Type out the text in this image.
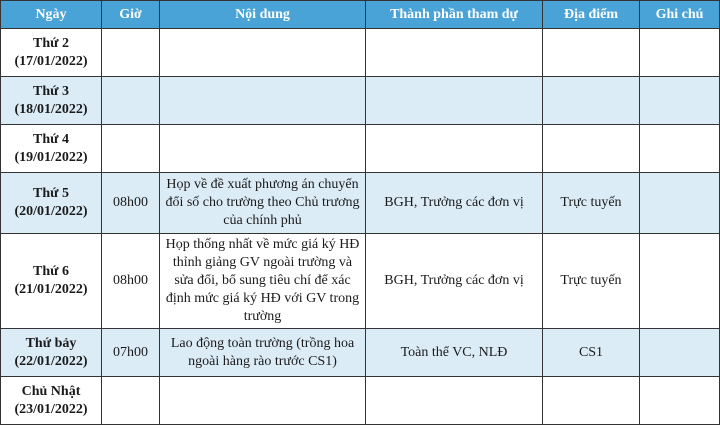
Ngày	Giờ	Nội dung	Thành phần tham dự	Địa điểm	Ghi chú

Thứ 2
(17/01/2022)					

Thứ 3
(18/01/2022)					

Thứ 4
(19/01/2022)					

Thứ 5
(20/01/2022)	08h00	Họp về đề xuất phương án chuyển đổi số cho trường theo Chủ trương của chính phủ	BGH, Trưởng các đơn vị	Trực tuyến	

Thứ 6
(21/01/2022)	08h00	Họp thống nhất về mức giá ký HĐ thỉnh giảng GV ngoài trường và sửa đổi, bổ sung tiêu chí để xác định mức giá ký HĐ với GV trong trường	BGH, Trưởng các đơn vị	Trực tuyến	

Thứ bảy
(22/01/2022)	07h00	Lao động toàn trường (trồng hoa ngoài hàng rào trước CS1)	Toàn thể VC, NLĐ	CS1	

Chủ Nhật
(23/01/2022)					
